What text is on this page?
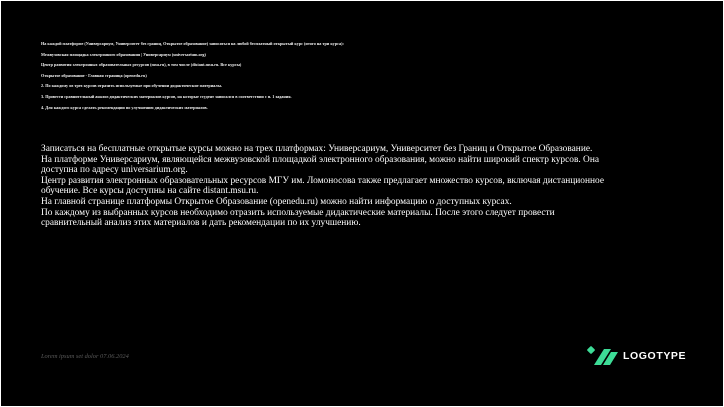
На каждой платформе (Универсариум, Университет без границ, Открытое образование) записаться на любой бесплатный открытый курс (итого на три курса):
Межвузовская площадка электронного образования | Универсариум (universarium.org)
Центр развития электронных образовательных ресурсов (msu.ru), в том числе (distant.msu.ru. Все курсы)
Открытое образование - Главная страница (openedu.ru)
2. По каждому из трех курсов отразить используемые при обучении дидактические материалы.
3. Провести сравнительный анализ дидактических материалов курсов, на которые студент записался в соответствии с п. 1 задания.
4. Для каждого курса сделать рекомендации по улучшению дидактических материалов.
Записаться на бесплатные открытые курсы можно на трех платформах: Универсариум, Университет без Границ и Открытое Образование.
На платформе Универсариум, являющейся межвузовской площадкой электронного образования, можно найти широкий спектр курсов. Она
доступна по адресу universarium.org.
Центр развития электронных образовательных ресурсов МГУ им. Ломоносова также предлагает множество курсов, включая дистанционное
обучение. Все курсы доступны на сайте distant.msu.ru.
На главной странице платформы Открытое Образование (openedu.ru) можно найти информацию о доступных курсах.
По каждому из выбранных курсов необходимо отразить используемые дидактические материалы. После этого следует провести
сравнительный анализ этих материалов и дать рекомендации по их улучшению.
Lorem ipsum set dolor 07.06.2024	LOGOTYPE
